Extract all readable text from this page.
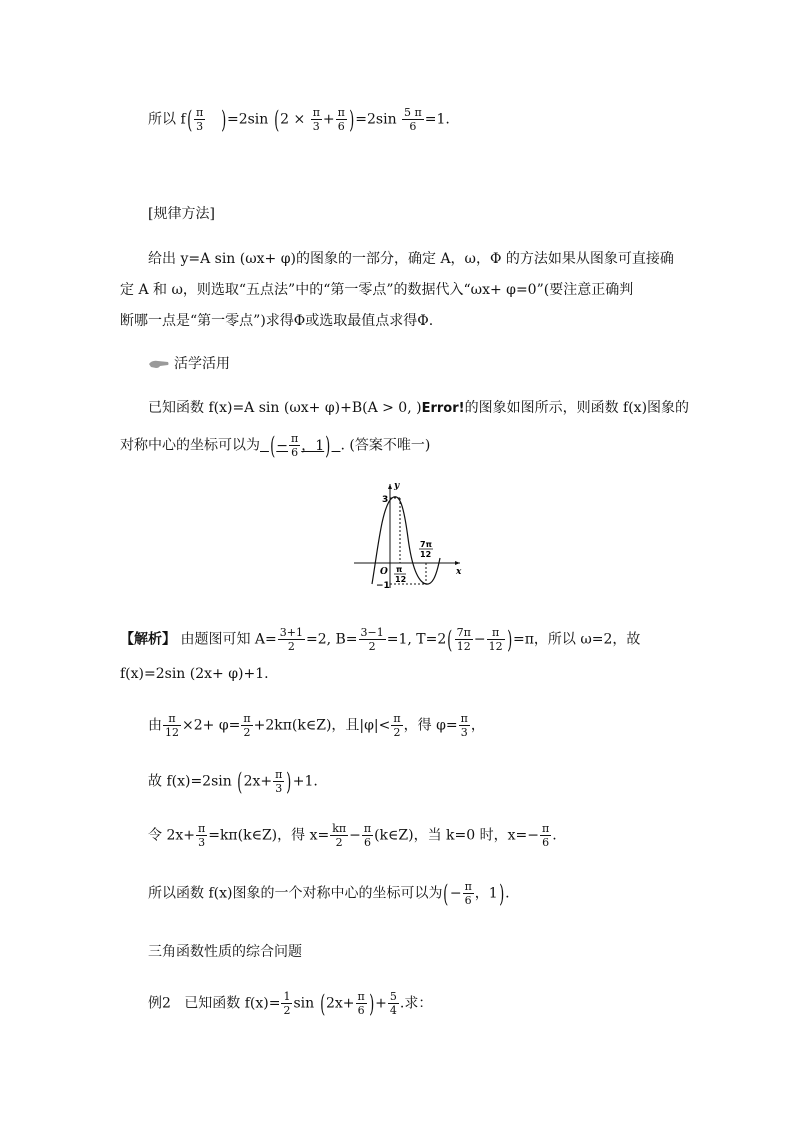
所以 $f( \frac{\pi}{3} )=2\sin$ $(2 \times \frac{\pi}{3} + \frac{\pi}{6} )=2\sin \frac{5 \pi}{6} =1$.
[规律方法]
给出 y=A sin (ωx+ φ)的图象的一部分，确定 A，ω，Φ 的方法如果从图象可直接确
定 A 和 ω，则选取“五点法”中的“第一零点”的数据代入“ωx+ φ=0”(要注意正确判
断哪一点是“第一零点”)求得Φ或选取最值点求得Φ.
活学活用
已知函数 f(x)=A sin (ωx+ φ)+B(A > 0, )Error!的图象如图所示，则函数 f(x)图象的
对称中心的坐标可以为 (− $\frac{\pi}{6}$ ，1) . (答案不唯一)
y
x
O
3
−1
π
12
7π
12
【解析】 由题图可知 $A= \frac{3+1}{2} =2$, $B= \frac{3-1}{2} =1$, $T=2( \frac{7\pi}{12} - \frac{\pi}{12} )=\pi$，所以 ω=2，故
f(x)=2sin (2x+ φ)+1.
由 $\frac{\pi}{12} \times 2+ \varphi= \frac{\pi}{2}$ +2kπ(k∈Z)，且$|\varphi|< \frac{\pi}{2}$ ，得 $\varphi= \frac{\pi}{3}$ ，
故 f(x)=2sin $(2x+ \frac{\pi}{3} )+1$.
令 $2x+ \frac{\pi}{3}$ =kπ(k∈Z)，得 $x= \frac{k\pi}{2} - \frac{\pi}{6}$ (k∈Z)，当 k=0 时，$x=- \frac{\pi}{6}$ .
所以函数 f(x)图象的一个对称中心的坐标可以为(− $\frac{\pi}{6}$ ，1).
三角函数性质的综合问题
例2 已知函数 $f(x)= \frac{1}{2}$ $\sin (2x+ \frac{\pi}{6}$ )+ $\frac{5}{4}$ .求：
